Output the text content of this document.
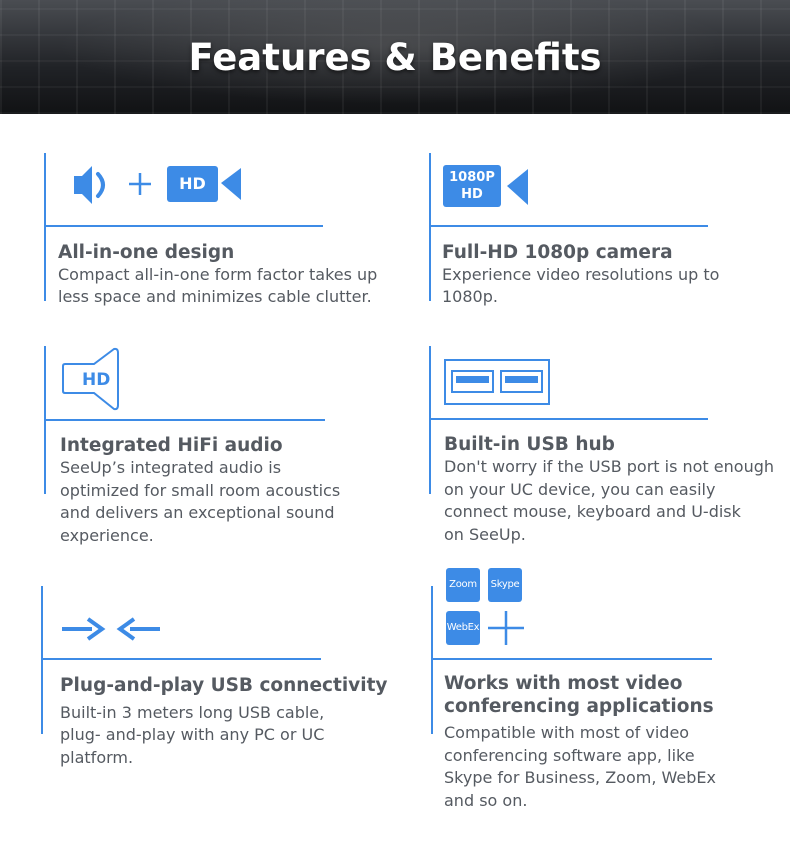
Features & Benefits
HD
All-in-one design
Compact all-in-one form factor takes up
less space and minimizes cable clutter.
1080P
HD
Full-HD 1080p camera
Experience video resolutions up to
1080p.
HD
Integrated HiFi audio
SeeUp’s integrated audio is
optimized for small room acoustics
and delivers an exceptional sound
experience.
Built-in USB hub
Don't worry if the USB port is not enough
on your UC device, you can easily
connect mouse, keyboard and U-disk
on SeeUp.
Plug-and-play USB connectivity
Built-in 3 meters long USB cable,
plug- and-play with any PC or UC
platform.
Zoom	Skype
WebEx
Works with most video
conferencing applications
Compatible with most of video
conferencing software app, like
Skype for Business, Zoom, WebEx
and so on.
